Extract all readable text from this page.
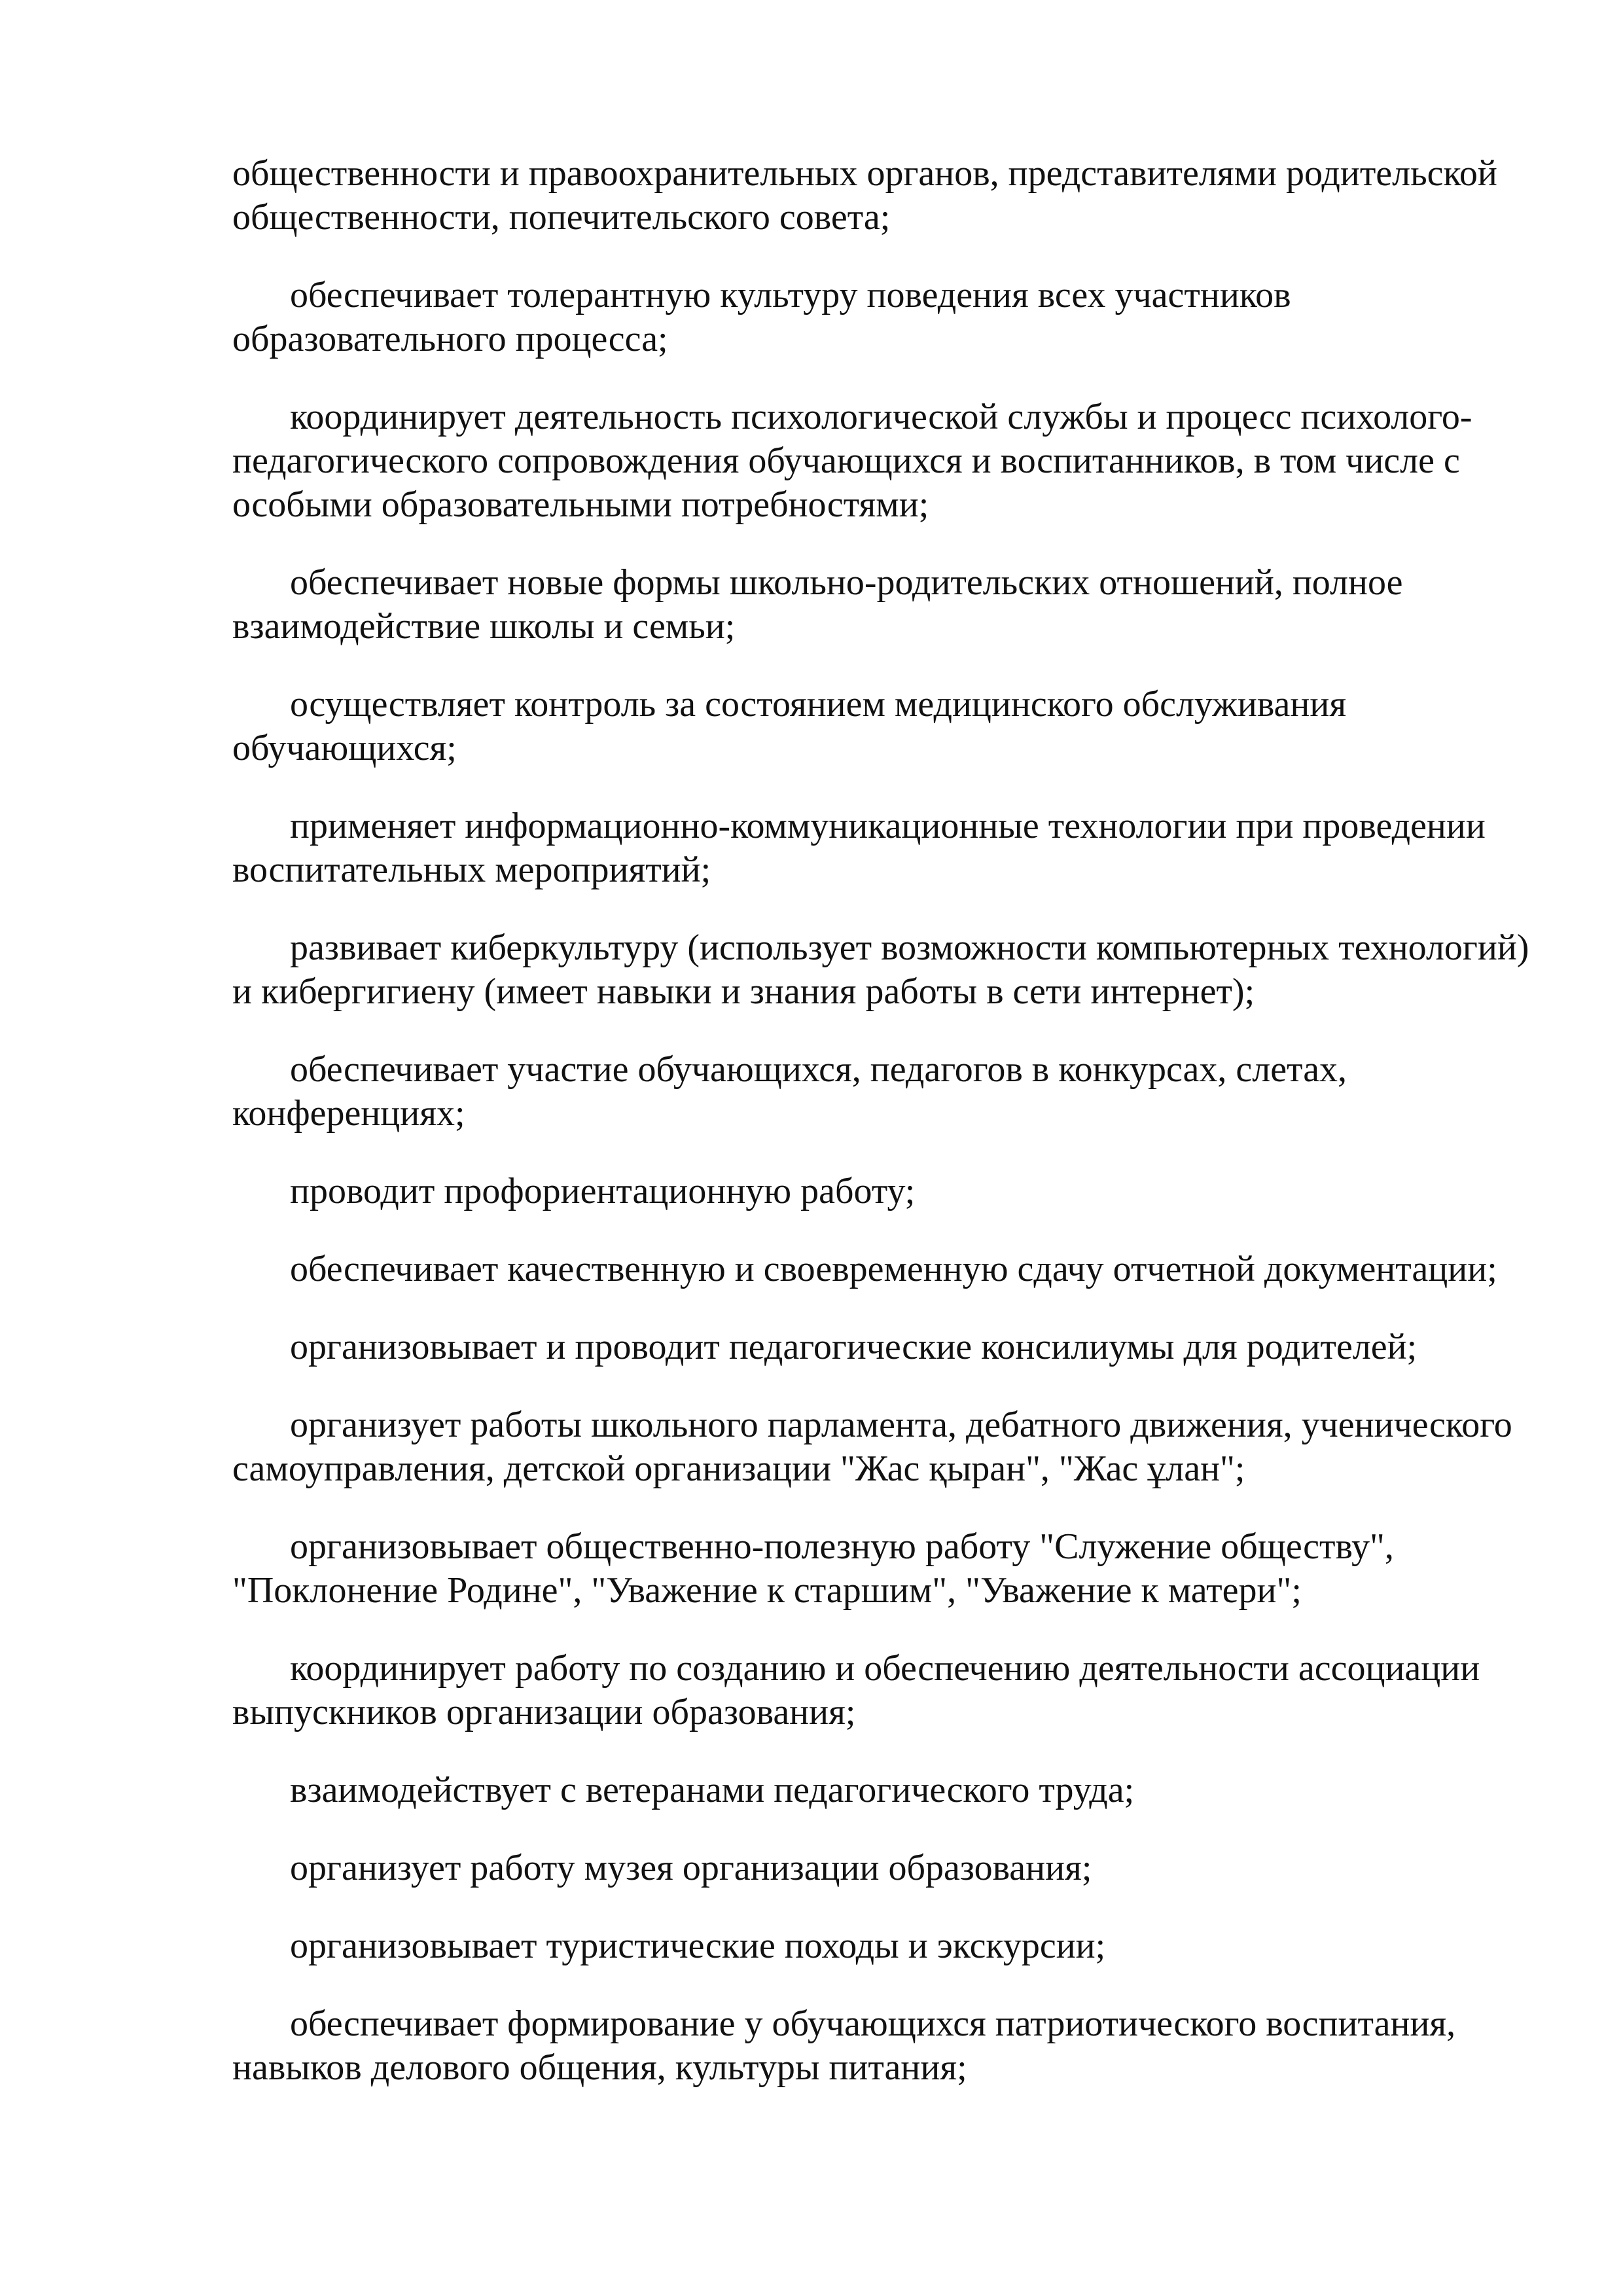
общественности и правоохранительных органов, представителями родительской общественности, попечительского совета;

обеспечивает толерантную культуру поведения всех участников образовательного процесса;

координирует деятельность психологической службы и процесс психолого-педагогического сопровождения обучающихся и воспитанников, в том числе с особыми образовательными потребностями;

обеспечивает новые формы школьно-родительских отношений, полное взаимодействие школы и семьи;

осуществляет контроль за состоянием медицинского обслуживания обучающихся;

применяет информационно-коммуникационные технологии при проведении воспитательных мероприятий;

развивает киберкультуру (использует возможности компьютерных технологий) и кибергигиену (имеет навыки и знания работы в сети интернет);

обеспечивает участие обучающихся, педагогов в конкурсах, слетах, конференциях;

проводит профориентационную работу;

обеспечивает качественную и своевременную сдачу отчетной документации;

организовывает и проводит педагогические консилиумы для родителей;

организует работы школьного парламента, дебатного движения, ученического самоуправления, детской организации "Жас қыран", "Жас ұлан";

организовывает общественно-полезную работу "Служение обществу", "Поклонение Родине", "Уважение к старшим", "Уважение к матери";

координирует работу по созданию и обеспечению деятельности ассоциации выпускников организации образования;

взаимодействует с ветеранами педагогического труда;

организует работу музея организации образования;

организовывает туристические походы и экскурсии;

обеспечивает формирование у обучающихся патриотического воспитания, навыков делового общения, культуры питания;
